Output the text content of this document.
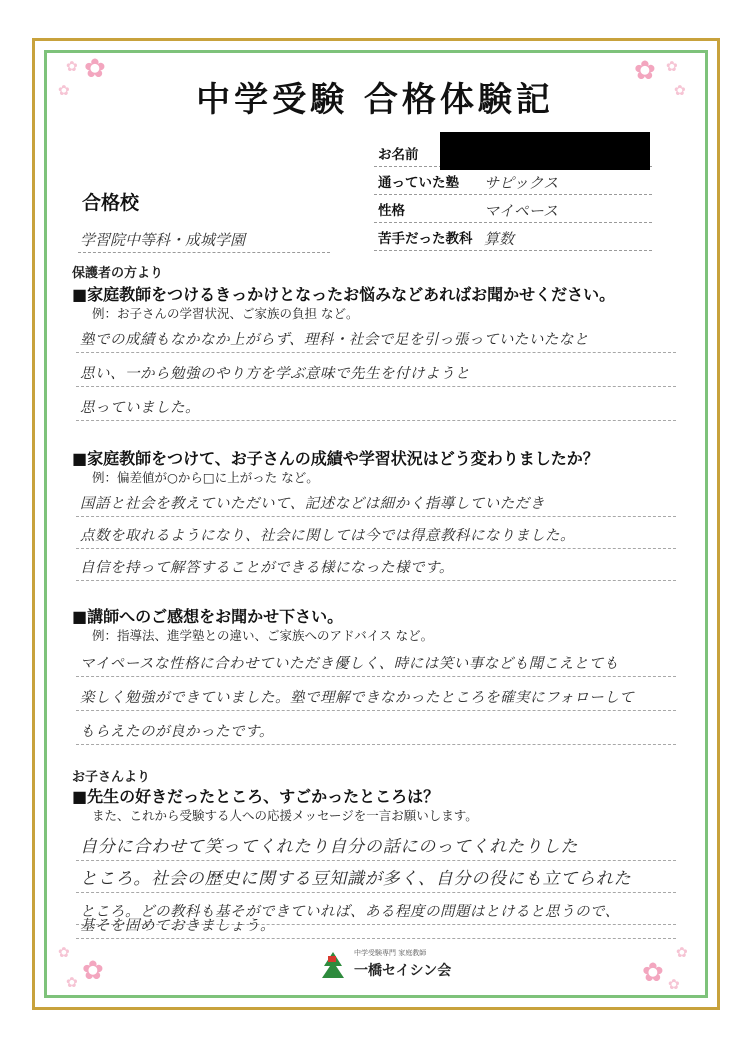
✿
✿
✿	✿
✿
✿
✿
✿
✿	✿
✿
✿
中学受験 合格体験記
お名前
通っていた塾 サピックス
性格	マイペース
苦手だった教科 算数
合格校
学習院中等科・成城学園
保護者の方より
■家庭教師をつけるきっかけとなったお悩みなどあればお聞かせください。
例：お子さんの学習状況、ご家族の負担 など。
塾での成績もなかなか上がらず、理科・社会で足を引っ張っていたいたなと
思い、一から勉強のやり方を学ぶ意味で先生を付けようと
思っていました。
■家庭教師をつけて、お子さんの成績や学習状況はどう変わりましたか？
例：偏差値が○から□に上がった など。
国語と社会を教えていただいて、記述などは細かく指導していただき
点数を取れるようになり、社会に関しては今では得意教科になりました。
自信を持って解答することができる様になった様です。
■講師へのご感想をお聞かせ下さい。
例：指導法、進学塾との違い、ご家族へのアドバイス など。
マイペースな性格に合わせていただき優しく、時には笑い事なども聞こえとても
楽しく勉強ができていました。塾で理解できなかったところを確実にフォローして
もらえたのが良かったです。
お子さんより
■先生の好きだったところ、すごかったところは？
また、これから受験する人への応援メッセージを一言お願いします。
自分に合わせて笑ってくれたり自分の話にのってくれたりした
ところ。社会の歴史に関する豆知識が多く、自分の役にも立てられた
ところ。どの教科も基そができていれば、ある程度の問題はとけると思うので、
基そを固めておきましょう。
中学受験専門 家庭教師
一橋セイシン会
